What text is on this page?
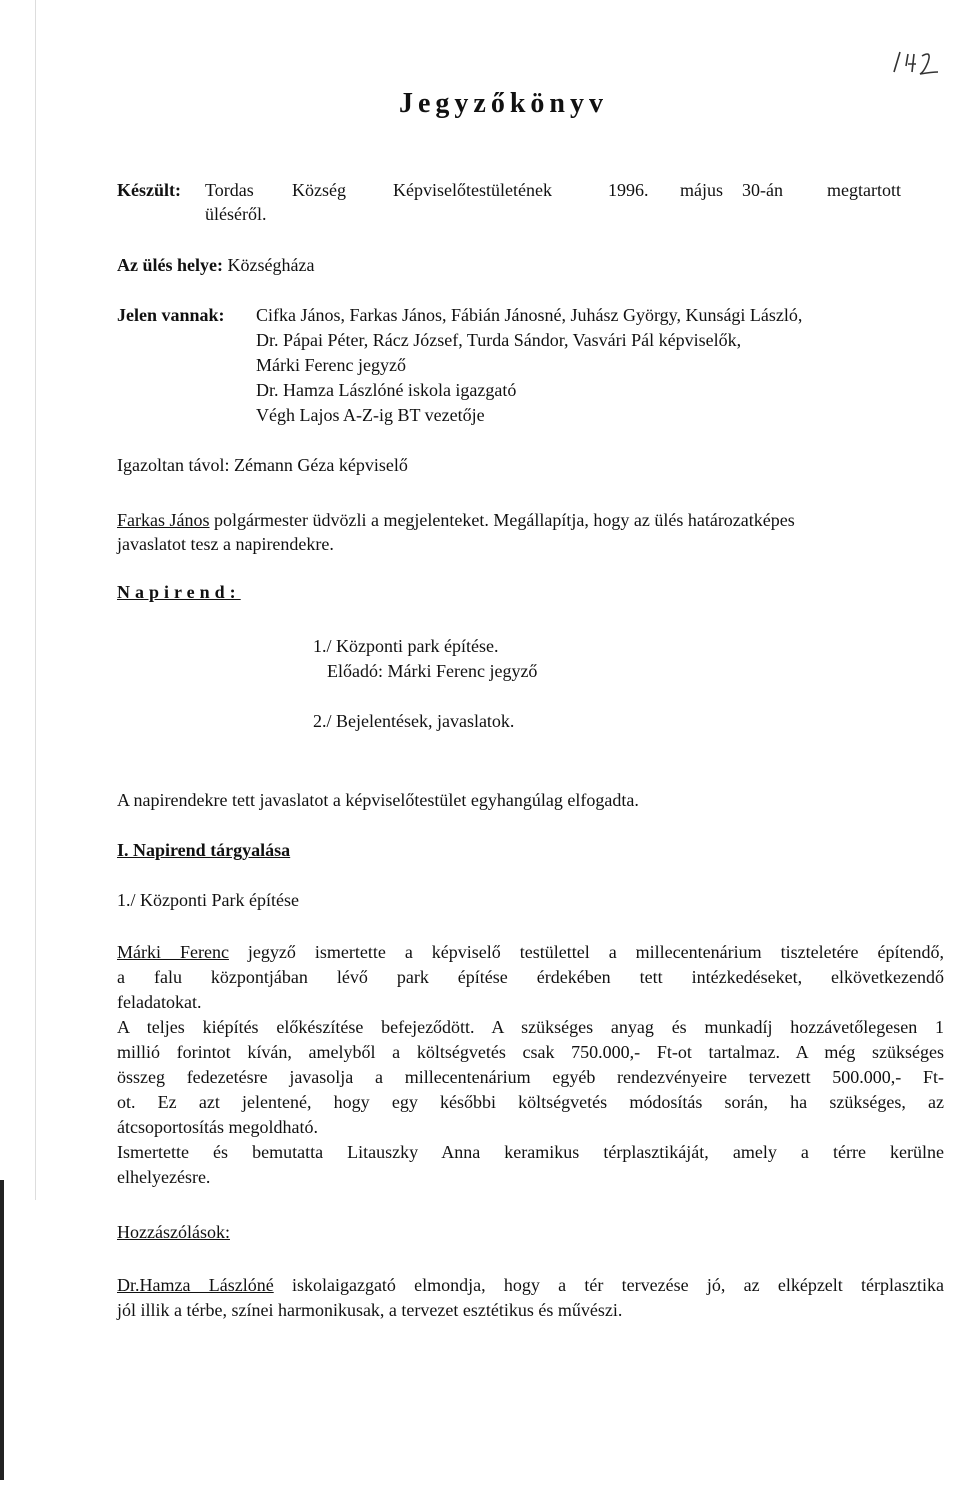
Jegyzőkönyv
Készült: Tordas Község	Képviselőtestületének	1996. május 30-án megtartott
üléséről.
Az ülés helye: Községháza
Jelen vannak: Cifka János, Farkas János, Fábián Jánosné, Juhász György, Kunsági László,
Dr. Pápai Péter, Rácz József, Turda Sándor, Vasvári Pál képviselők,
Márki Ferenc jegyző
Dr. Hamza Lászlóné iskola igazgató
Végh Lajos A-Z-ig BT vezetője
Igazoltan távol: Zémann Géza képviselő
Farkas János polgármester üdvözli a megjelenteket. Megállapítja, hogy az ülés határozatképes
javaslatot tesz a napirendekre.
Napirend:
1./ Központi park építése.
Előadó: Márki Ferenc jegyző
2./ Bejelentések, javaslatok.
A napirendekre tett javaslatot a képviselőtestület egyhangúlag elfogadta.
I. Napirend tárgyalása
1./ Központi Park építése
Márki Ferenc jegyző ismertette a képviselő testülettel a millecentenárium tiszteletére építendő,
a falu központjában lévő park építése érdekében tett intézkedéseket, elkövetkezendő
feladatokat.
A teljes kiépítés előkészítése befejeződött. A szükséges anyag és munkadíj hozzávetőlegesen 1
millió forintot kíván, amelyből a költségvetés csak 750.000,- Ft-ot tartalmaz. A még szükséges
összeg fedezetésre javasolja a millecentenárium egyéb rendezvényeire tervezett 500.000,- Ft-
ot. Ez azt jelentené, hogy egy későbbi költségvetés módosítás során, ha szükséges, az
átcsoportosítás megoldható.
Ismertette és bemutatta Litauszky Anna keramikus térplasztikáját, amely a térre kerülne
elhelyezésre.
Hozzászólások:
Dr.Hamza Lászlóné iskolaigazgató elmondja, hogy a tér tervezése jó, az elképzelt térplasztika
jól illik a térbe, színei harmonikusak, a tervezet esztétikus és művészi.
